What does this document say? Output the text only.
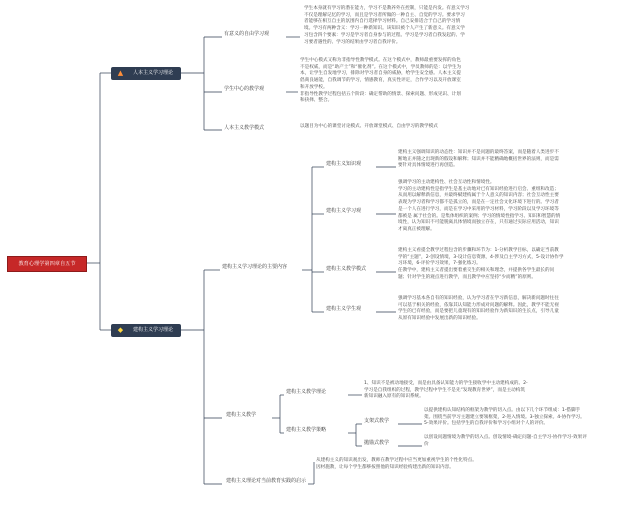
教育心理学第四章自五节
▲ 人本主义学习理论
◆ 建构主义学习理论
有意义的自由学习观
学生本身就有学习的潜在能力，学习不是教养外在控制，只能是内发。有意义学习
不仅是理解记忆的学习，而且是学习者所做的一种自主、自觉的学习。要求学习
者能够在相互自主的氛围内自行选择学习材料。自己安排适合于自己的学习情
境。学习有两种含义：学习一种新知识。该知识被个人产生了新意义。有意义学
习包含四个要素：学习是学习者自身参与的过程。学习是学习者自我发起的、学
习要者遇性的、学习的结果由学习者自我评价。
学生中心的教学观
学生中心模式又称为非指导性教学模式。在这个模式中，教师最重要发挥的角色
不是权威，而是“助产士”和“催化剂”。在这个模式中，学员教师的是：以学生为
本，让学生自发地学习，排除对学习者自身的威胁，给学生安全感。人本主义提
倡商良通能，自我调节的学习，情感教育，真实性评定，合作学习以及开放课室
和开放学校。
非指导性教学过程包括五个阶段：确定帮助的情景、探索问题、形成见识、计划
和抉择、整合。
人本主义教学模式	以题目为中心的课堂讨论模式、开放课堂模式、自由学习的教学模式
建构主义学习理论的主要内容
建构主义知识观
建构主义强调知识的动态性：知识并不是问题的最终答案，而是随着人类进步不
断地正并随之出现新的假设和解释；知识并不能精确地概括世界的法则，而是需
要针对具体情境进行再创造。
建构主义学习观
强调学习的主动建构性、社会互动性和情境性。
学习的主动建构性是指学生是基主动地对已有知识经验进行启会、重组和改造；
从而用以解释新信息，并最终赋建构属于个人意义的知识内容；社会互动性主要
表现为学习者和学习都不是孤立的，而是在一定社会文化环境下进行的。学习者
是一个人在进行学习，而是在学习中采用的学习材料，学习阶段以及学习环境等
都被是 属于社会的。是集体组织的案例；学习的情境性指学习、知识和智慧的情
境性，认为知识不可能脱离具体情境而独立存在，只有通过实际应用活动，知识
才离真正被理解。
建构主义教学模式
建构主义看提全教学过程包含的步骤和环节为：1-分析教学目标，以确定当前教
学的“主题”，2-创设情境，3-设计信息资源，4-涉及自主学习方式，5-设计协作学
习环境，6-评价学习效果，7-强化练习。
任教学中，建构主义者提出要着重交生的相关和理念，并提供各学生最长的问
题；针对学生的观点进行教学，而且教学中应坚持“少而精”的原则。
建构主义学生观
强调学习基本各自有的知识经验，认为学习者在学习新信息，解决新问题时往往
可以基于相关的经验，依靠其认知能力形成对问题的解释。因此，教学不能无视
学生的已有经验，而是要把儿童现有的知识经验作为新知识的生长点，引导儿童
从原有知识经验中发展出新的知识经验。
建构主义教学
建构主义教学理论
1、知识不是被动地接受，而是由具备认知能力的学生接收学中主动建构成的。2-
学习是自我组织的过程，教学过程中学生不是先“发现教育世界”，而是主动构筑
新知识融入原有的知识系统。
建构主义教学策略
支架式教学
以提供建构认知结构的框架为教学的切入点。由以下几个环节组成：1-搭脚手
架。围绕当前学习主题建立要领框架，2-进入情境。3-独立探索。4-协作学习。
5-效果评价。包括学生的自我评价和学习小组对个人的评价。
抛锚式教学
以创设问题情境为教学的切入点。创设情境-确定问题-自主学习-协作学习-效果评
价
建构主义理论对当前教育实践的启示
从建构主义的知识观出发，教师在教学过程中应当更加重视学生的个性化特点。
因材施教，让每个学生都够按照他的知识经验构建出新的知识内容。
